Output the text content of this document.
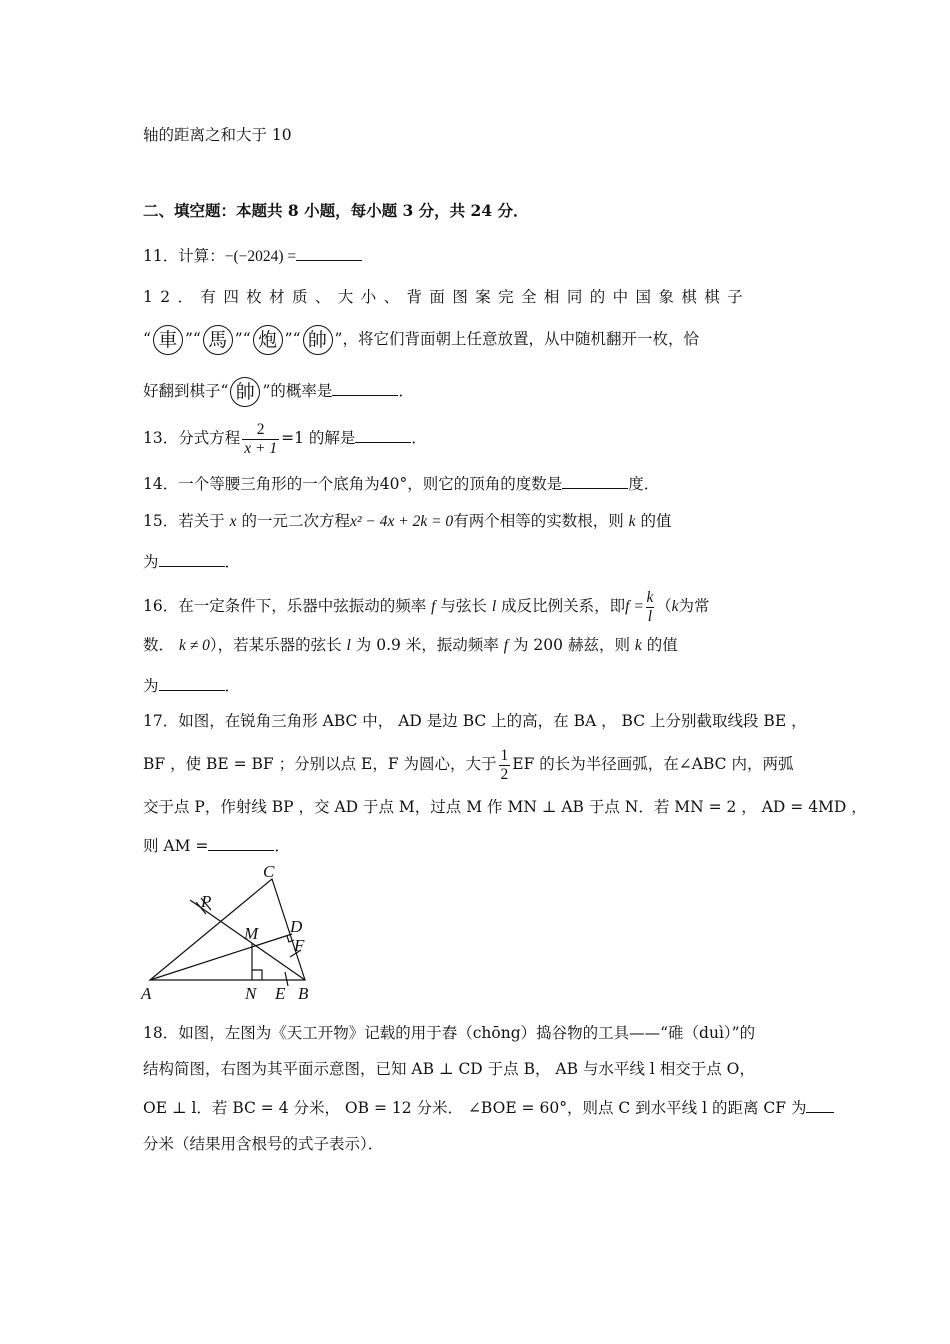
轴的距离之和大于 10
二、填空题：本题共 8 小题，每小题 3 分，共 24 分．
11．计算：−(−2024) =
12．有四枚材质、大小、背面图案完全相同的中国象棋棋子
“ 車 ”“ 馬 ”“ 炮 ”“ 帥 ”，将它们背面朝上任意放置，从中随机翻开一枚，恰
好翻到棋子“ 帥 ”的概率是	．
13．分式方程 $\frac{2}{x + 1} =1$ 的解是	．
14．一个等腰三角形的一个底角为40°，则它的顶角的度数是	度．
15．若关于 x 的一元二次方程x² − 4x + 2k = 0有两个相等的实数根，则 k 的值
为	．
16．在一定条件下，乐器中弦振动的频率 f 与弦长 l 成反比例关系，即$f = \frac{k}{l} (k$为常
数． k ≠ 0），若某乐器的弦长 l 为 0.9 米，振动频率 f 为 200 赫兹，则 k 的值
为	．
17．如图，在锐角三角形 ABC 中， AD 是边 BC 上的高，在 BA ， BC 上分别截取线段 BE ，
BF ，使 BE = BF ；分别以点 E，F 为圆心，大于 $\frac{1}{2}$ EF 的长为半径画弧，在∠ABC 内，两弧
交于点 P，作射线 BP ，交 AD 于点 M，过点 M 作 MN ⊥ AB 于点 N．若 MN = 2 ， AD = 4MD ，
则 AM =	．
C
P
M D
F
A	N E B
18．如图，左图为《天工开物》记载的用于舂（chōng）捣谷物的工具——“碓（duì）”的
结构简图，右图为其平面示意图，已知 AB ⊥ CD 于点 B， AB 与水平线 l 相交于点 O，
OE ⊥ l．若 BC = 4 分米， OB = 12 分米． ∠BOE = 60°，则点 C 到水平线 l 的距离 CF 为
分米（结果用含根号的式子表示）．
